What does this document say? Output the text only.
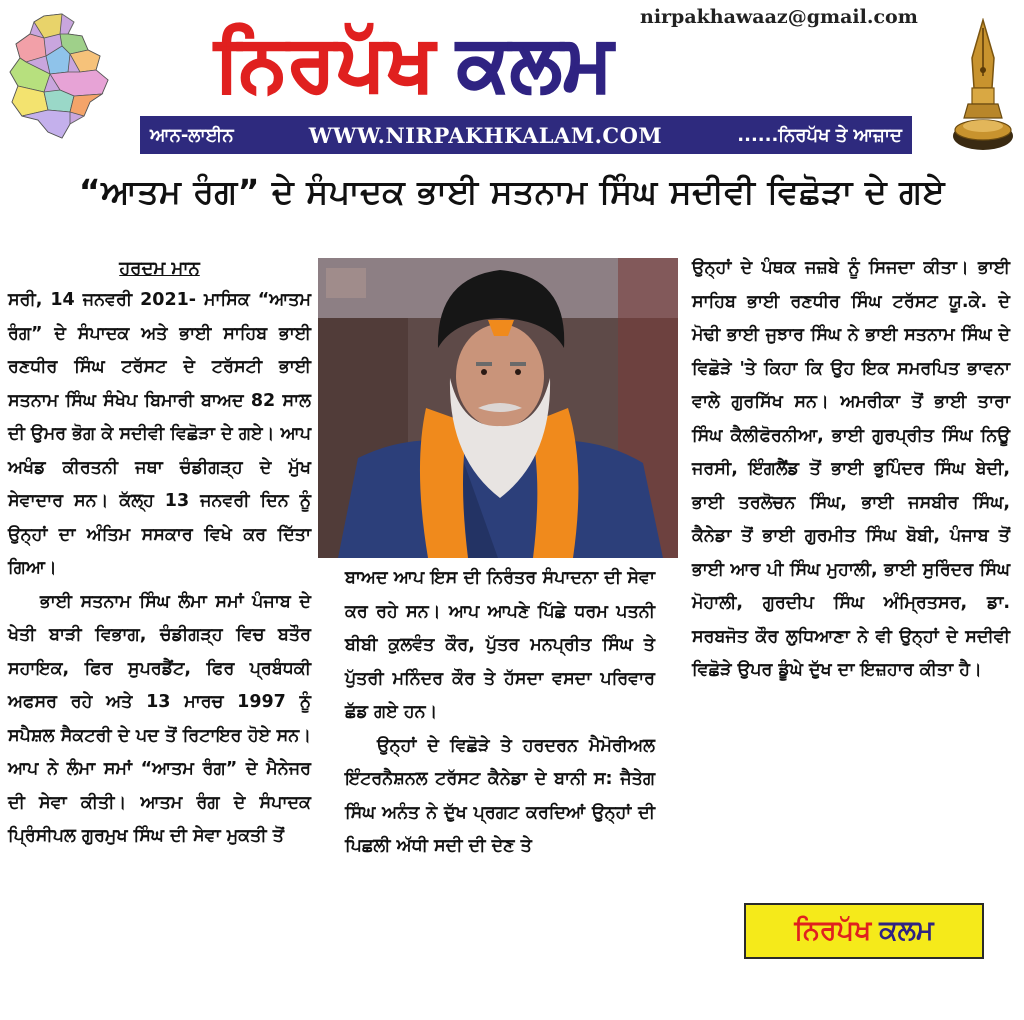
nirpakhawaaz@gmail.com
ਨਿਰਪੱਖ ਕਲਮ
ਆਨ-ਲਾਈਨ	WWW.NIRPAKHKALAM.COM	......ਨਿਰਪੱਖ ਤੇ ਆਜ਼ਾਦ
“ਆਤਮ ਰੰਗ” ਦੇ ਸੰਪਾਦਕ ਭਾਈ ਸਤਨਾਮ ਸਿੰਘ ਸਦੀਵੀ ਵਿਛੋੜਾ ਦੇ ਗਏ
ਹਰਦਮ ਮਾਨ

ਸਰੀ, 14 ਜਨਵਰੀ 2021- ਮਾਸਿਕ “ਆਤਮ ਰੰਗ” ਦੇ ਸੰਪਾਦਕ ਅਤੇ ਭਾਈ ਸਾਹਿਬ ਭਾਈ ਰਣਧੀਰ ਸਿੰਘ ਟਰੱਸਟ ਦੇ ਟਰੱਸਟੀ ਭਾਈ ਸਤਨਾਮ ਸਿੰਘ ਸੰਖੇਪ ਬਿਮਾਰੀ ਬਾਅਦ 82 ਸਾਲ ਦੀ ਉਮਰ ਭੋਗ ਕੇ ਸਦੀਵੀ ਵਿਛੋੜਾ ਦੇ ਗਏ। ਆਪ ਅਖੰਡ ਕੀਰਤਨੀ ਜਥਾ ਚੰਡੀਗੜ੍ਹ ਦੇ ਮੁੱਖ ਸੇਵਾਦਾਰ ਸਨ। ਕੱਲ੍ਹ 13 ਜਨਵਰੀ ਦਿਨ ਨੂੰ ਉਨ੍ਹਾਂ ਦਾ ਅੰਤਿਮ ਸਸਕਾਰ ਵਿਖੇ ਕਰ ਦਿੱਤਾ ਗਿਆ।

ਭਾਈ ਸਤਨਾਮ ਸਿੰਘ ਲੰਮਾ ਸਮਾਂ ਪੰਜਾਬ ਦੇ ਖੇਤੀ ਬਾੜੀ ਵਿਭਾਗ, ਚੰਡੀਗੜ੍ਹ ਵਿਚ ਬਤੌਰ ਸਹਾਇਕ, ਫਿਰ ਸੁਪਰਡੈਂਟ, ਫਿਰ ਪ੍ਰਬੰਧਕੀ ਅਫਸਰ ਰਹੇ ਅਤੇ 13 ਮਾਰਚ 1997 ਨੂੰ ਸਪੈਸ਼ਲ ਸੈਕਟਰੀ ਦੇ ਪਦ ਤੋਂ ਰਿਟਾਇਰ ਹੋਏ ਸਨ। ਆਪ ਨੇ ਲੰਮਾ ਸਮਾਂ “ਆਤਮ ਰੰਗ” ਦੇ ਮੈਨੇਜਰ ਦੀ ਸੇਵਾ ਕੀਤੀ। ਆਤਮ ਰੰਗ ਦੇ ਸੰਪਾਦਕ ਪ੍ਰਿੰਸੀਪਲ ਗੁਰਮੁਖ ਸਿੰਘ ਦੀ ਸੇਵਾ ਮੁਕਤੀ ਤੋਂ

ਬਾਅਦ ਆਪ ਇਸ ਦੀ ਨਿਰੰਤਰ ਸੰਪਾਦਨਾ ਦੀ ਸੇਵਾ ਕਰ ਰਹੇ ਸਨ। ਆਪ ਆਪਣੇ ਪਿੱਛੇ ਧਰਮ ਪਤਨੀ ਬੀਬੀ ਕੁਲਵੰਤ ਕੌਰ, ਪੁੱਤਰ ਮਨਪ੍ਰੀਤ ਸਿੰਘ ਤੇ ਪੁੱਤਰੀ ਮਨਿੰਦਰ ਕੌਰ ਤੇ ਹੱਸਦਾ ਵਸਦਾ ਪਰਿਵਾਰ ਛੱਡ ਗਏ ਹਨ।

ਉਨ੍ਹਾਂ ਦੇ ਵਿਛੋੜੇ ਤੇ ਹਰਦਰਨ ਮੈਮੋਰੀਅਲ ਇੰਟਰਨੈਸ਼ਨਲ ਟਰੱਸਟ ਕੈਨੇਡਾ ਦੇ ਬਾਨੀ ਸ: ਜੈਤੇਗ ਸਿੰਘ ਅਨੰਤ ਨੇ ਦੁੱਖ ਪ੍ਰਗਟ ਕਰਦਿਆਂ ਉਨ੍ਹਾਂ ਦੀ ਪਿਛਲੀ ਅੱਧੀ ਸਦੀ ਦੀ ਦੇਣ ਤੇ

ਉਨ੍ਹਾਂ ਦੇ ਪੰਥਕ ਜਜ਼ਬੇ ਨੂੰ ਸਿਜਦਾ ਕੀਤਾ। ਭਾਈ ਸਾਹਿਬ ਭਾਈ ਰਣਧੀਰ ਸਿੰਘ ਟਰੱਸਟ ਯੂ.ਕੇ. ਦੇ ਮੋਢੀ ਭਾਈ ਜੁਝਾਰ ਸਿੰਘ ਨੇ ਭਾਈ ਸਤਨਾਮ ਸਿੰਘ ਦੇ ਵਿਛੋੜੇ 'ਤੇ ਕਿਹਾ ਕਿ ਉਹ ਇਕ ਸਮਰਪਿਤ ਭਾਵਨਾ ਵਾਲੇ ਗੁਰਸਿੱਖ ਸਨ। ਅਮਰੀਕਾ ਤੋਂ ਭਾਈ ਤਾਰਾ ਸਿੰਘ ਕੈਲੀਫੋਰਨੀਆ, ਭਾਈ ਗੁਰਪ੍ਰੀਤ ਸਿੰਘ ਨਿਊ ਜਰਸੀ, ਇੰਗਲੈਂਡ ਤੋਂ ਭਾਈ ਭੁਪਿੰਦਰ ਸਿੰਘ ਬੇਦੀ, ਭਾਈ ਤਰਲੋਚਨ ਸਿੰਘ, ਭਾਈ ਜਸਬੀਰ ਸਿੰਘ, ਕੈਨੇਡਾ ਤੋਂ ਭਾਈ ਗੁਰਮੀਤ ਸਿੰਘ ਬੋਬੀ, ਪੰਜਾਬ ਤੋਂ ਭਾਈ ਆਰ ਪੀ ਸਿੰਘ ਮੁਹਾਲੀ, ਭਾਈ ਸੁਰਿੰਦਰ ਸਿੰਘ ਮੋਹਾਲੀ, ਗੁਰਦੀਪ ਸਿੰਘ ਅੰਮ੍ਰਿਤਸਰ, ਡਾ. ਸਰਬਜੋਤ ਕੌਰ ਲੁਧਿਆਣਾ ਨੇ ਵੀ ਉਨ੍ਹਾਂ ਦੇ ਸਦੀਵੀ ਵਿਛੋੜੇ ਉਪਰ ਡੂੰਘੇ ਦੁੱਖ ਦਾ ਇਜ਼ਹਾਰ ਕੀਤਾ ਹੈ।

ਨਿਰਪੱਖ ਕਲਮ
